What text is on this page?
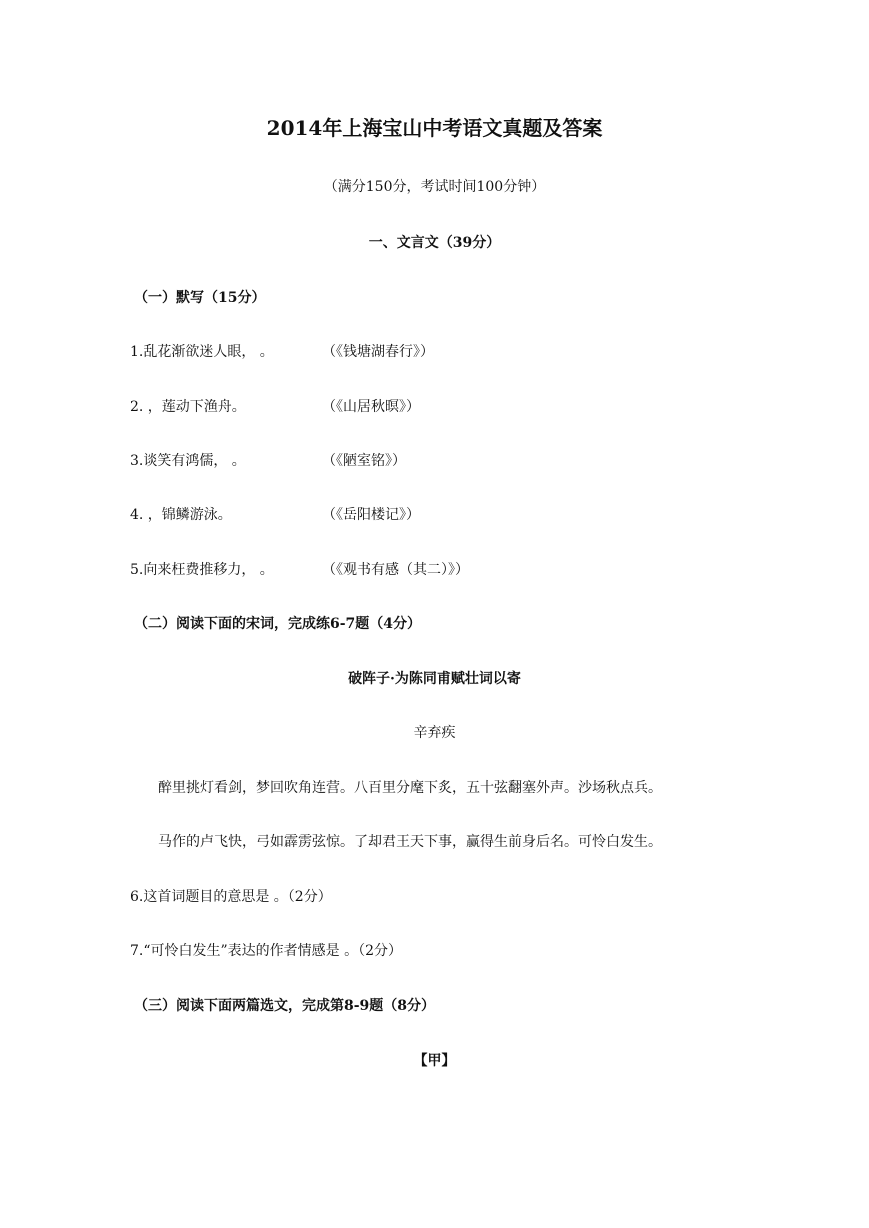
2014年上海宝山中考语文真题及答案
（满分150分，考试时间100分钟）
一、文言文（39分）
（一）默写（15分）
1.乱花渐欲迷人眼， 。	（《钱塘湖春行》）
2. ，莲动下渔舟。	（《山居秋暝》）
3.谈笑有鸿儒， 。	（《陋室铭》）
4. ，锦鳞游泳。	（《岳阳楼记》）
5.向来枉费推移力， 。	（《观书有感（其二）》）
（二）阅读下面的宋词，完成练6-7题（4分）
破阵子·为陈同甫赋壮词以寄
辛弃疾
醉里挑灯看剑，梦回吹角连营。八百里分麾下炙，五十弦翻塞外声。沙场秋点兵。
马作的卢飞快，弓如霹雳弦惊。了却君王天下事，赢得生前身后名。可怜白发生。
6.这首词题目的意思是 。（2分）
7.“可怜白发生”表达的作者情感是 。（2分）
（三）阅读下面两篇选文，完成第8-9题（8分）
【甲】
